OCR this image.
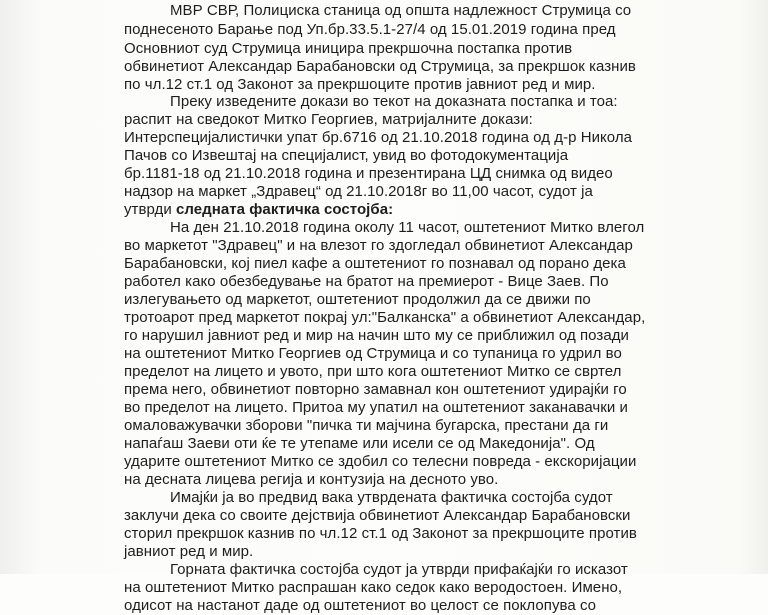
МВР СВР, Полициска станица од општа надлежност Струмица со
поднесеното Барање под Уп.бр.33.5.1-27/4 од 15.01.2019 година пред
Основниот суд Струмица иницира прекршочна постапка против
обвинетиот Александар Барабановски од Струмица, за прекршок казнив
по чл.12 ст.1 од Законот за прекршоците против јавниот ред и мир.
Преку изведените докази во текот на доказната постапка и тоа:
распит на сведокот Митко Георгиев, матријалните докази:
Интерспецијалистички упат бр.6716 од 21.10.2018 година од д-р Никола
Пачов со Извештај на специјалист, увид во фотодокументација
бр.1181-18 од 21.10.2018 година и презентирана ЦД снимка од видео
надзор на маркет „Здравец“ од 21.10.2018г во 11,00 часот, судот ја
утврди следната фактичка состојба:
На ден 21.10.2018 година околу 11 часот, оштетениот Митко влегол
во маркетот "Здравец" и на влезот го здогледал обвинетиот Александар
Барабановски, кој пиел кафе а оштетениот го познавал од порано дека
работел како обезбедување на братот на премиерот - Вице Заев. По
излегувањето од маркетот, оштетениот продолжил да се движи по
тротоарот пред маркетот покрај ул:"Балканска" а обвинетиот Александар,
го нарушил јавниот ред и мир на начин што му се приближил од позади
на оштетениот Митко Георгиев од Струмица и со тупаница го удрил во
пределот на лицето и увото, при што кога оштетениот Митко се свртел
према него, обвинетиот повторно замавнал кон оштетениот удирајќи го
во пределот на лицето. Притоа му упатил на оштетениот закана​вачки и
омаловажувачки зборови "пичка ти мајчина бугарска, престани да ги
напаѓаш Заеви оти ќе те утепаме или исели се од Македонија". Од
ударите оштетениот Митко се здобил со телесни повреда - екскоријации
на десната лицева регија и контузија на десното уво.
Имајќи ја во предвид вака утврдената фактичка состојба судот
заклучи дека со своите дејствија обвинетиот Александар Барабановски
сторил прекршок казнив по чл.12 ст.1 од Законот за прекршоците против
јавниот ред и мир.
Горната фактичка состојба судот ја утврди прифаќајќи го исказот
на оштетениот Митко распрашан како седок како веродостоен. Имено,
одисот на настанот даде од оштетениот во целост се поклопува со
